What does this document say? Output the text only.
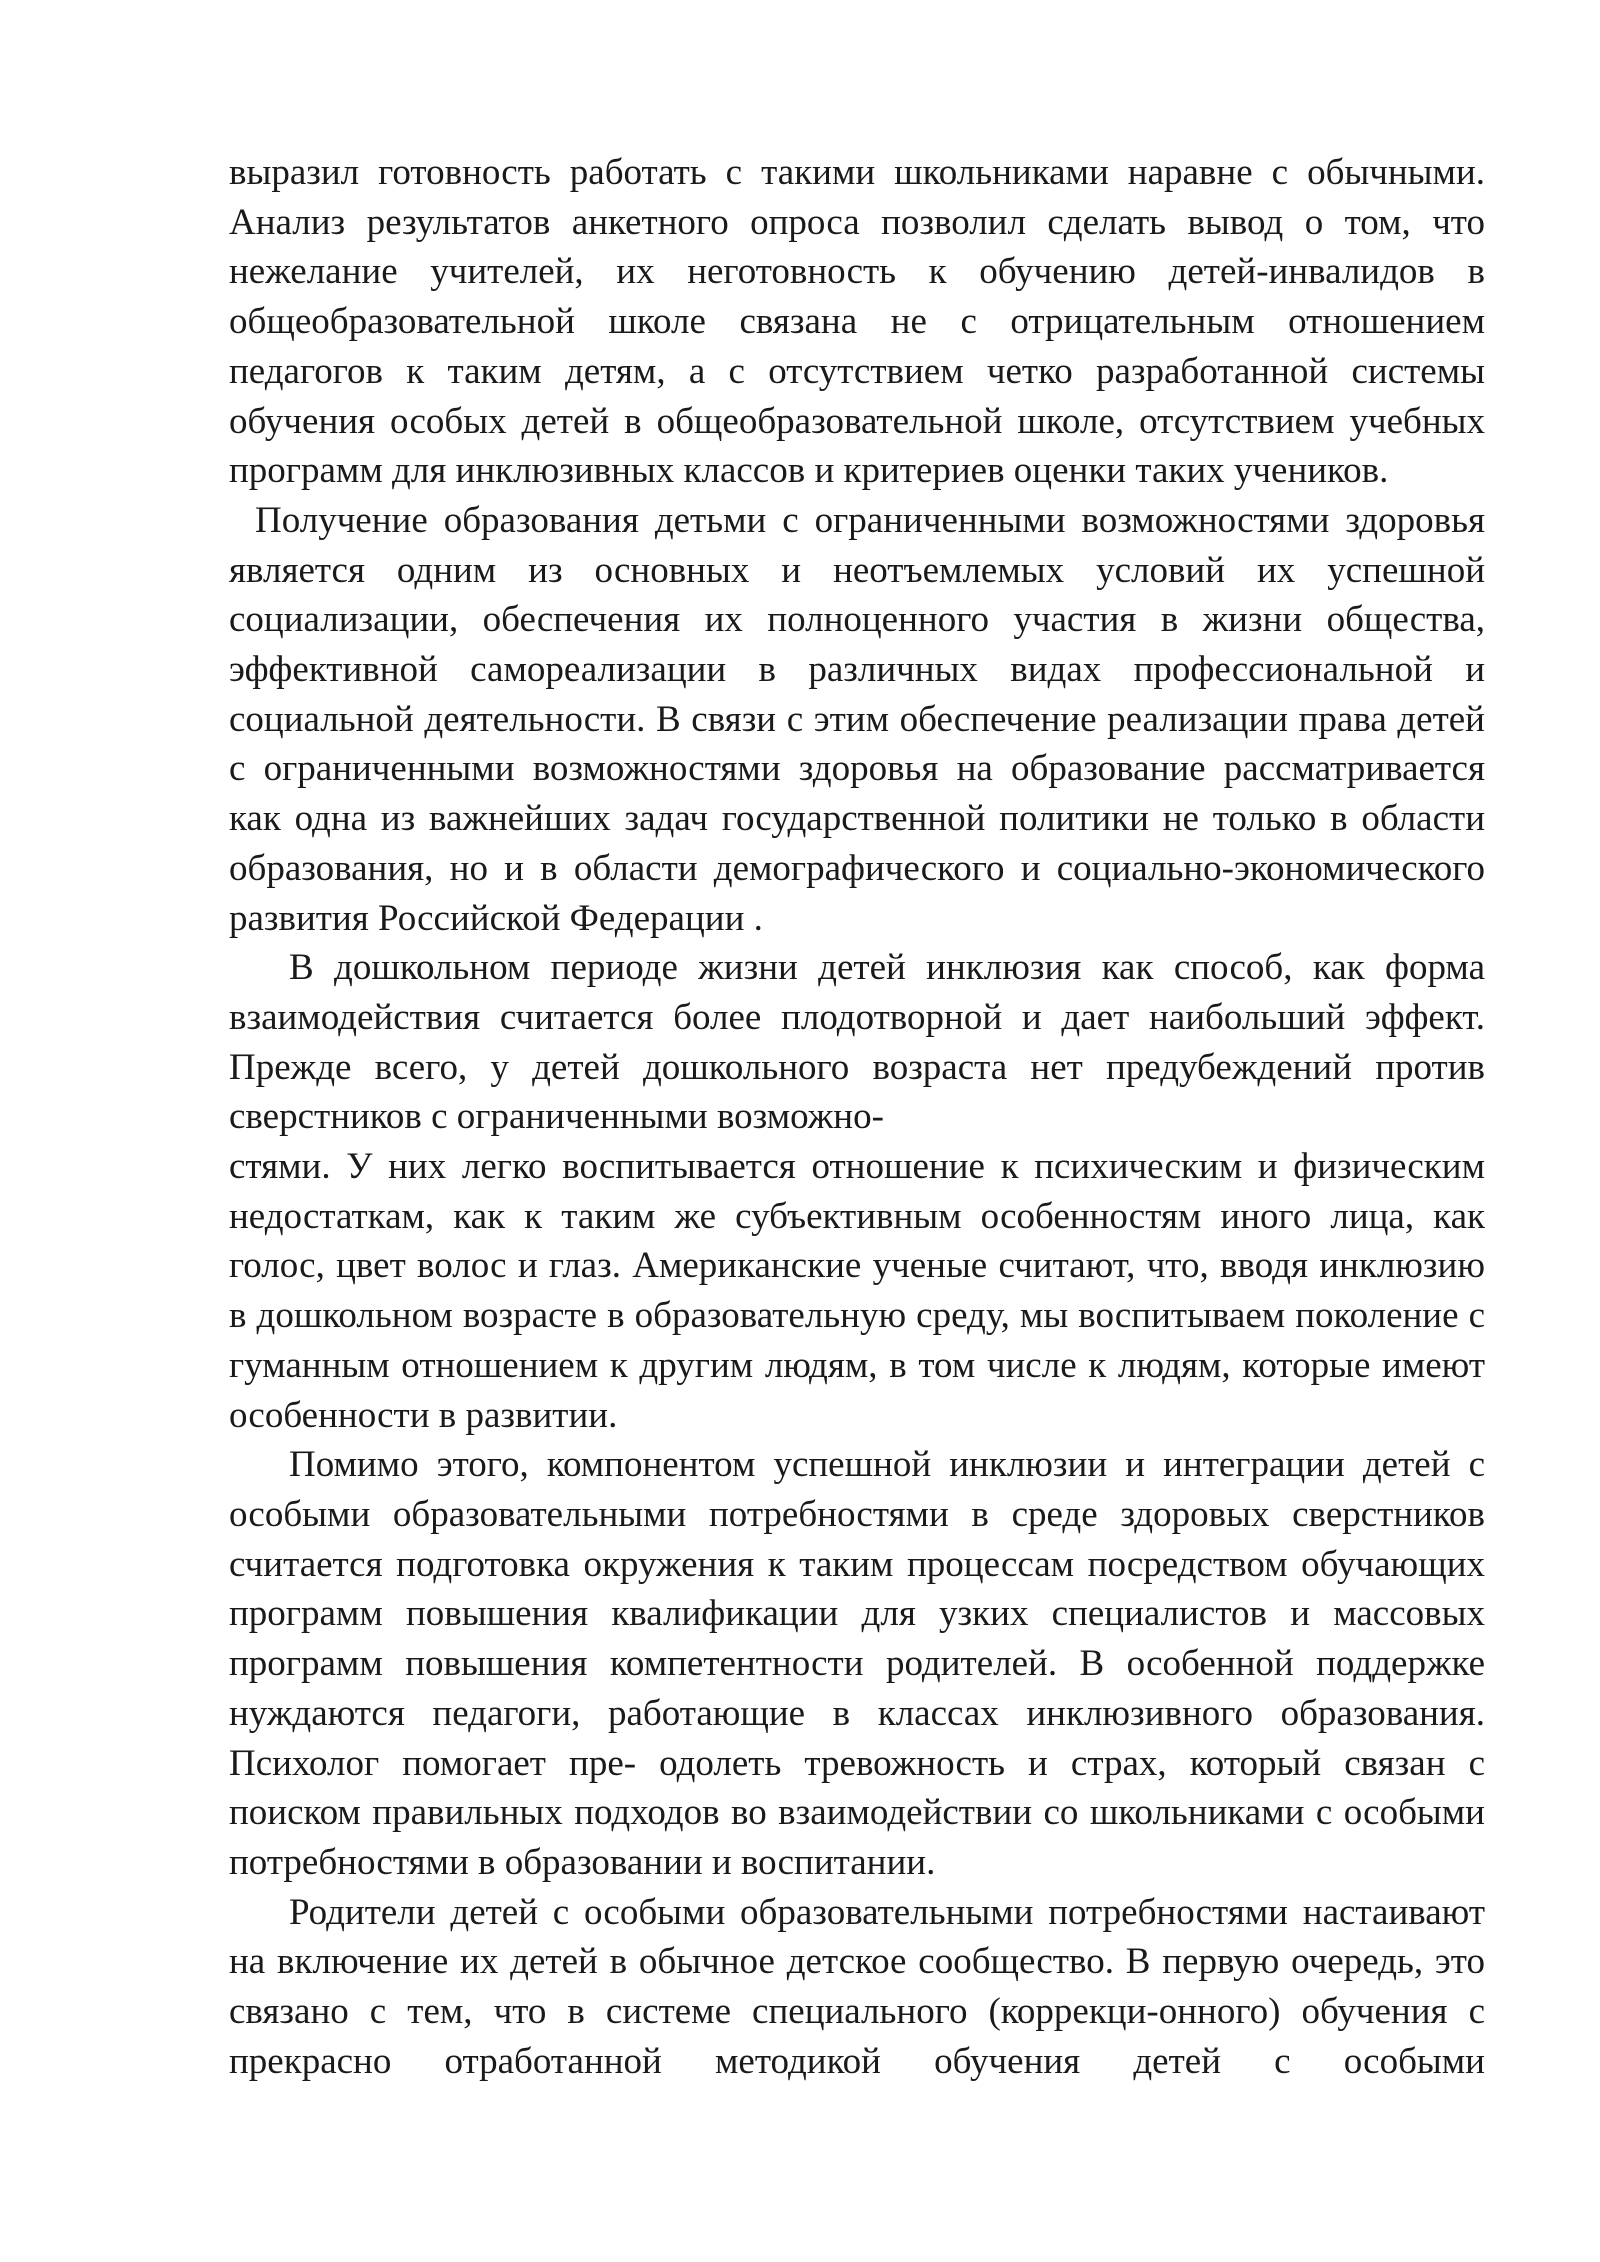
выразил готовность работать с такими школьниками наравне с обычными. Анализ результатов анкетного опроса позволил сделать вывод о том, что нежелание учителей, их неготовность к обучению детей-инвалидов в общеобразовательной школе связана не с отрицательным отношением педагогов к таким детям, а с отсутствием четко разработанной системы обучения особых детей в общеобразовательной школе, отсутствием учебных программ для инклюзивных классов и критериев оценки таких учеников.

Получение образования детьми с ограниченными возможностями здоровья является одним из основных и неотъемлемых условий их успешной социализации, обеспечения их полноценного участия в жизни общества, эффективной самореализации в различных видах профессиональной и социальной деятельности. В связи с этим обеспечение реализации права детей с ограниченными возможностями здоровья на образование рассматривается как одна из важнейших задач государственной политики не только в области образования, но и в области демографического и социально-экономического развития Российской Федерации .

В дошкольном периоде жизни детей инклюзия как способ, как форма взаимодействия считается более плодотворной и дает наибольший эффект. Прежде всего, у детей дошкольного возраста нет предубеждений против сверстников с ограниченными возможно-

стями. У них легко воспитывается отношение к психическим и физическим недостаткам, как к таким же субъективным особенностям иного лица, как голос, цвет волос и глаз. Американские ученые считают, что, вводя инклюзию в дошкольном возрасте в образовательную среду, мы воспитываем поколение с гуманным отношением к другим людям, в том числе к людям, которые имеют особенности в развитии.

Помимо этого, компонентом успешной инклюзии и интеграции детей с особыми образовательными потребностями в среде здоровых сверстников считается подготовка окружения к таким процессам посредством обучающих программ повышения квалификации для узких специалистов и массовых программ повышения компетентности родителей. В особенной поддержке нуждаются педагоги, работающие в классах инклюзивного образования. Психолог помогает пре- одолеть тревожность и страх, который связан с поиском правильных подходов во взаимодействии со школьниками с особыми потребностями в образовании и воспитании.

Родители детей с особыми образовательными потребностями настаивают на включение их детей в обычное детское сообщество. В первую очередь, это связано с тем, что в системе специального (коррекци-онного) обучения с прекрасно отработанной методикой обучения детей с особыми
